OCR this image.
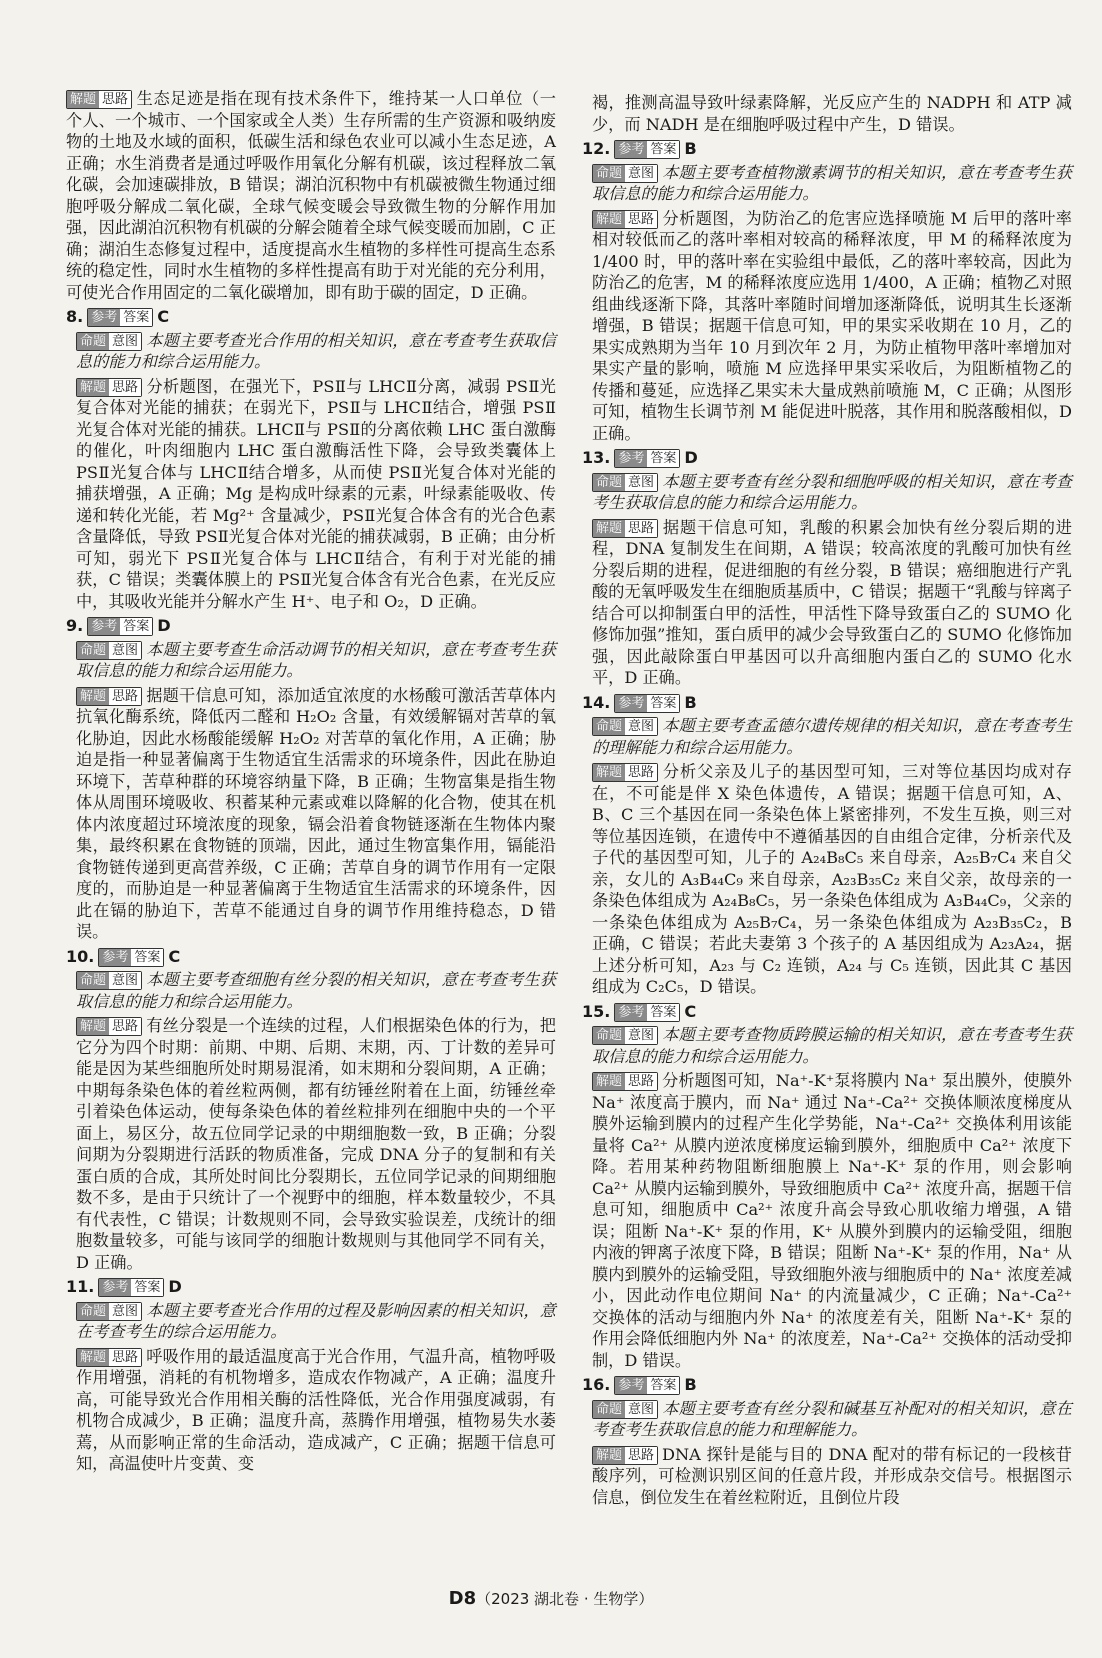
解题 思路 生态足迹是指在现有技术条件下，维持某一人口单位（一个人、一个城市、一个国家或全人类）生存所需的生产资源和吸纳废物的土地及水域的面积，低碳生活和绿色农业可以减小生态足迹，A 正确；水生消费者是通过呼吸作用氧化分解有机碳，该过程释放二氧化碳，会加速碳排放，B 错误；湖泊沉积物中有机碳被微生物通过细胞呼吸分解成二氧化碳，全球气候变暖会导致微生物的分解作用加强，因此湖泊沉积物有机碳的分解会随着全球气候变暖而加剧，C 正确；湖泊生态修复过程中，适度提高水生植物的多样性可提高生态系统的稳定性，同时水生植物的多样性提高有助于对光能的充分利用，可使光合作用固定的二氧化碳增加，即有助于碳的固定，D 正确。
8. 参考 答案 C
命题 意图 本题主要考查光合作用的相关知识，意在考查考生获取信息的能力和综合运用能力。
解题 思路 分析题图，在强光下，PSⅡ与 LHCⅡ分离，减弱 PSⅡ光复合体对光能的捕获；在弱光下，PSⅡ与 LHCⅡ结合，增强 PSⅡ光复合体对光能的捕获。LHCⅡ与 PSⅡ的分离依赖 LHC 蛋白激酶的催化，叶肉细胞内 LHC 蛋白激酶活性下降，会导致类囊体上 PSⅡ光复合体与 LHCⅡ结合增多，从而使 PSⅡ光复合体对光能的捕获增强，A 正确；Mg 是构成叶绿素的元素，叶绿素能吸收、传递和转化光能，若 Mg²⁺ 含量减少，PSⅡ光复合体含有的光合色素含量降低，导致 PSⅡ光复合体对光能的捕获减弱，B 正确；由分析可知，弱光下 PSⅡ光复合体与 LHCⅡ结合，有利于对光能的捕获，C 错误；类囊体膜上的 PSⅡ光复合体含有光合色素，在光反应中，其吸收光能并分解水产生 H⁺、电子和 O₂，D 正确。
9. 参考 答案 D
命题 意图 本题主要考查生命活动调节的相关知识，意在考查考生获取信息的能力和综合运用能力。
解题 思路 据题干信息可知，添加适宜浓度的水杨酸可激活苦草体内抗氧化酶系统，降低丙二醛和 H₂O₂ 含量，有效缓解镉对苦草的氧化胁迫，因此水杨酸能缓解 H₂O₂ 对苦草的氧化作用，A 正确；胁迫是指一种显著偏离于生物适宜生活需求的环境条件，因此在胁迫环境下，苦草种群的环境容纳量下降，B 正确；生物富集是指生物体从周围环境吸收、积蓄某种元素或难以降解的化合物，使其在机体内浓度超过环境浓度的现象，镉会沿着食物链逐渐在生物体内聚集，最终积累在食物链的顶端，因此，通过生物富集作用，镉能沿食物链传递到更高营养级，C 正确；苦草自身的调节作用有一定限度的，而胁迫是一种显著偏离于生物适宜生活需求的环境条件，因此在镉的胁迫下，苦草不能通过自身的调节作用维持稳态，D 错误。
10. 参考 答案 C
命题 意图 本题主要考查细胞有丝分裂的相关知识，意在考查考生获取信息的能力和综合运用能力。
解题 思路 有丝分裂是一个连续的过程，人们根据染色体的行为，把它分为四个时期：前期、中期、后期、末期，丙、丁计数的差异可能是因为某些细胞所处时期易混淆，如末期和分裂间期，A 正确；中期每条染色体的着丝粒两侧，都有纺锤丝附着在上面，纺锤丝牵引着染色体运动，使每条染色体的着丝粒排列在细胞中央的一个平面上，易区分，故五位同学记录的中期细胞数一致，B 正确；分裂间期为分裂期进行活跃的物质准备，完成 DNA 分子的复制和有关蛋白质的合成，其所处时间比分裂期长，五位同学记录的间期细胞数不多，是由于只统计了一个视野中的细胞，样本数量较少，不具有代表性，C 错误；计数规则不同，会导致实验误差，戊统计的细胞数量较多，可能与该同学的细胞计数规则与其他同学不同有关，D 正确。
11. 参考 答案 D
命题 意图 本题主要考查光合作用的过程及影响因素的相关知识，意在考查考生的综合运用能力。
解题 思路 呼吸作用的最适温度高于光合作用，气温升高，植物呼吸作用增强，消耗的有机物增多，造成农作物减产，A 正确；温度升高，可能导致光合作用相关酶的活性降低，光合作用强度减弱，有机物合成减少，B 正确；温度升高，蒸腾作用增强，植物易失水萎蔫，从而影响正常的生命活动，造成减产，C 正确；据题干信息可知，高温使叶片变黄、变
褐，推测高温导致叶绿素降解，光反应产生的 NADPH 和 ATP 减少，而 NADH 是在细胞呼吸过程中产生，D 错误。
12. 参考 答案 B
命题 意图 本题主要考查植物激素调节的相关知识，意在考查考生获取信息的能力和综合运用能力。
解题 思路 分析题图，为防治乙的危害应选择喷施 M 后甲的落叶率相对较低而乙的落叶率相对较高的稀释浓度，甲 M 的稀释浓度为 1/400 时，甲的落叶率在实验组中最低，乙的落叶率较高，因此为防治乙的危害，M 的稀释浓度应选用 1/400，A 正确；植物乙对照组曲线逐渐下降，其落叶率随时间增加逐渐降低，说明其生长逐渐增强，B 错误；据题干信息可知，甲的果实采收期在 10 月，乙的果实成熟期为当年 10 月到次年 2 月，为防止植物甲落叶率增加对果实产量的影响，喷施 M 应选择甲果实采收后，为阻断植物乙的传播和蔓延，应选择乙果实未大量成熟前喷施 M，C 正确；从图形可知，植物生长调节剂 M 能促进叶脱落，其作用和脱落酸相似，D 正确。
13. 参考 答案 D
命题 意图 本题主要考查有丝分裂和细胞呼吸的相关知识，意在考查考生获取信息的能力和综合运用能力。
解题 思路 据题干信息可知，乳酸的积累会加快有丝分裂后期的进程，DNA 复制发生在间期，A 错误；较高浓度的乳酸可加快有丝分裂后期的进程，促进细胞的有丝分裂，B 错误；癌细胞进行产乳酸的无氧呼吸发生在细胞质基质中，C 错误；据题干“乳酸与锌离子结合可以抑制蛋白甲的活性，甲活性下降导致蛋白乙的 SUMO 化修饰加强”推知，蛋白质甲的减少会导致蛋白乙的 SUMO 化修饰加强，因此敲除蛋白甲基因可以升高细胞内蛋白乙的 SUMO 化水平，D 正确。
14. 参考 答案 B
命题 意图 本题主要考查孟德尔遗传规律的相关知识，意在考查考生的理解能力和综合运用能力。
解题 思路 分析父亲及儿子的基因型可知，三对等位基因均成对存在，不可能是伴 X 染色体遗传，A 错误；据题干信息可知，A、B、C 三个基因在同一条染色体上紧密排列，不发生互换，则三对等位基因连锁，在遗传中不遵循基因的自由组合定律，分析亲代及子代的基因型可知，儿子的 A₂₄B₈C₅ 来自母亲，A₂₅B₇C₄ 来自父亲，女儿的 A₃B₄₄C₉ 来自母亲，A₂₃B₃₅C₂ 来自父亲，故母亲的一条染色体组成为 A₂₄B₈C₅，另一条染色体组成为 A₃B₄₄C₉，父亲的一条染色体组成为 A₂₅B₇C₄，另一条染色体组成为 A₂₃B₃₅C₂，B 正确，C 错误；若此夫妻第 3 个孩子的 A 基因组成为 A₂₃A₂₄，据上述分析可知，A₂₃ 与 C₂ 连锁，A₂₄ 与 C₅ 连锁，因此其 C 基因组成为 C₂C₅，D 错误。
15. 参考 答案 C
命题 意图 本题主要考查物质跨膜运输的相关知识，意在考查考生获取信息的能力和综合运用能力。
解题 思路 分析题图可知，Na⁺-K⁺泵将膜内 Na⁺ 泵出膜外，使膜外 Na⁺ 浓度高于膜内，而 Na⁺ 通过 Na⁺-Ca²⁺ 交换体顺浓度梯度从膜外运输到膜内的过程产生化学势能，Na⁺-Ca²⁺ 交换体利用该能量将 Ca²⁺ 从膜内逆浓度梯度运输到膜外，细胞质中 Ca²⁺ 浓度下降。若用某种药物阻断细胞膜上 Na⁺-K⁺ 泵的作用，则会影响 Ca²⁺ 从膜内运输到膜外，导致细胞质中 Ca²⁺ 浓度升高，据题干信息可知，细胞质中 Ca²⁺ 浓度升高会导致心肌收缩力增强，A 错误；阻断 Na⁺-K⁺ 泵的作用，K⁺ 从膜外到膜内的运输受阻，细胞内液的钾离子浓度下降，B 错误；阻断 Na⁺-K⁺ 泵的作用，Na⁺ 从膜内到膜外的运输受阻，导致细胞外液与细胞质中的 Na⁺ 浓度差减小，因此动作电位期间 Na⁺ 的内流量减少，C 正确；Na⁺-Ca²⁺ 交换体的活动与细胞内外 Na⁺ 的浓度差有关，阻断 Na⁺-K⁺ 泵的作用会降低细胞内外 Na⁺ 的浓度差，Na⁺-Ca²⁺ 交换体的活动受抑制，D 错误。
16. 参考 答案 B
命题 意图 本题主要考查有丝分裂和碱基互补配对的相关知识，意在考查考生获取信息的能力和理解能力。
解题 思路 DNA 探针是能与目的 DNA 配对的带有标记的一段核苷酸序列，可检测识别区间的任意片段，并形成杂交信号。根据图示信息，倒位发生在着丝粒附近，且倒位片段
D8（2023 湖北卷 · 生物学）
